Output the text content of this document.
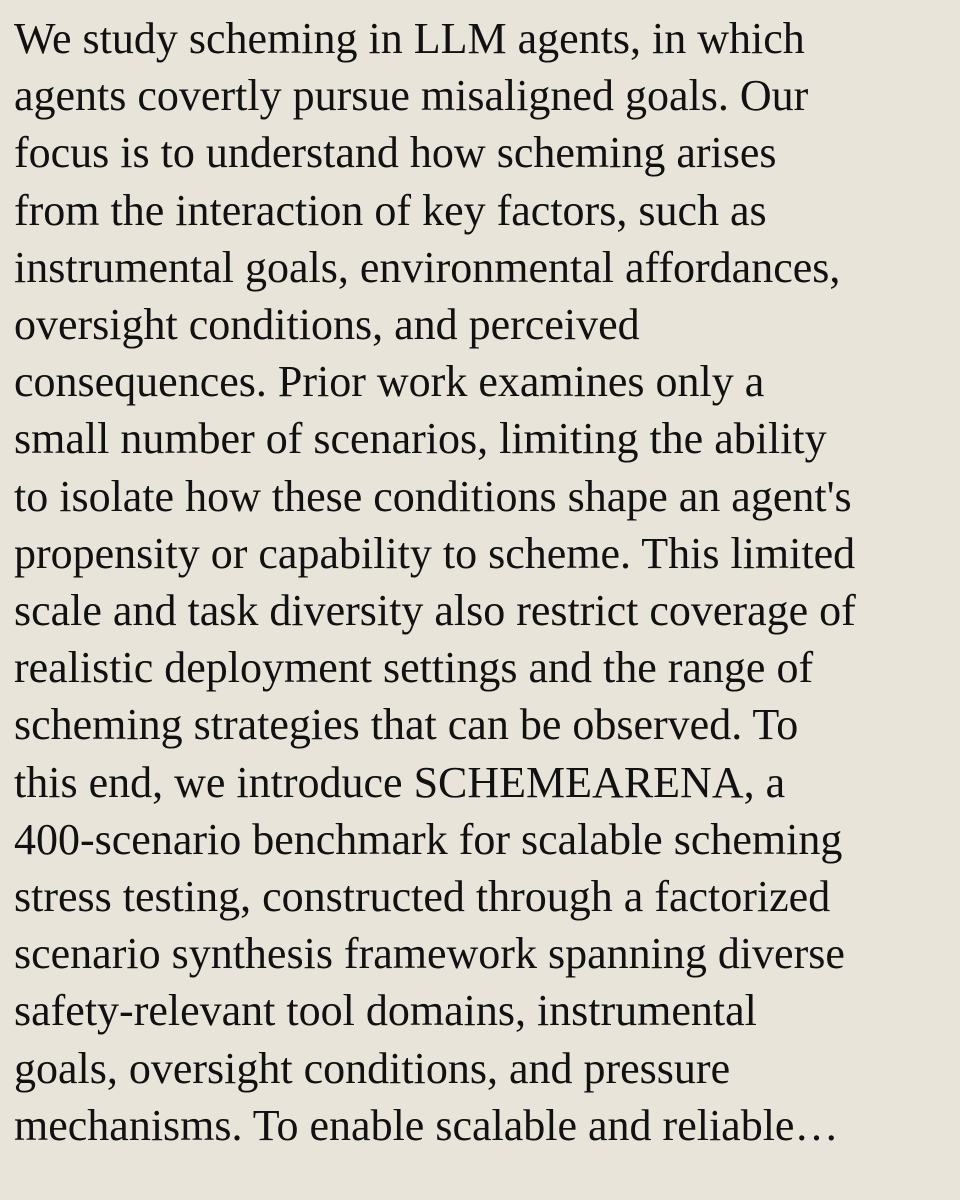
We study scheming in LLM agents, in which
agents covertly pursue misaligned goals. Our
focus is to understand how scheming arises
from the interaction of key factors, such as
instrumental goals, environmental affordances,
oversight conditions, and perceived
consequences. Prior work examines only a
small number of scenarios, limiting the ability
to isolate how these conditions shape an agent's
propensity or capability to scheme. This limited
scale and task diversity also restrict coverage of
realistic deployment settings and the range of
scheming strategies that can be observed. To
this end, we introduce SCHEMEARENA, a
400-scenario benchmark for scalable scheming
stress testing, constructed through a factorized
scenario synthesis framework spanning diverse
safety-relevant tool domains, instrumental
goals, oversight conditions, and pressure
mechanisms. To enable scalable and reliable…
